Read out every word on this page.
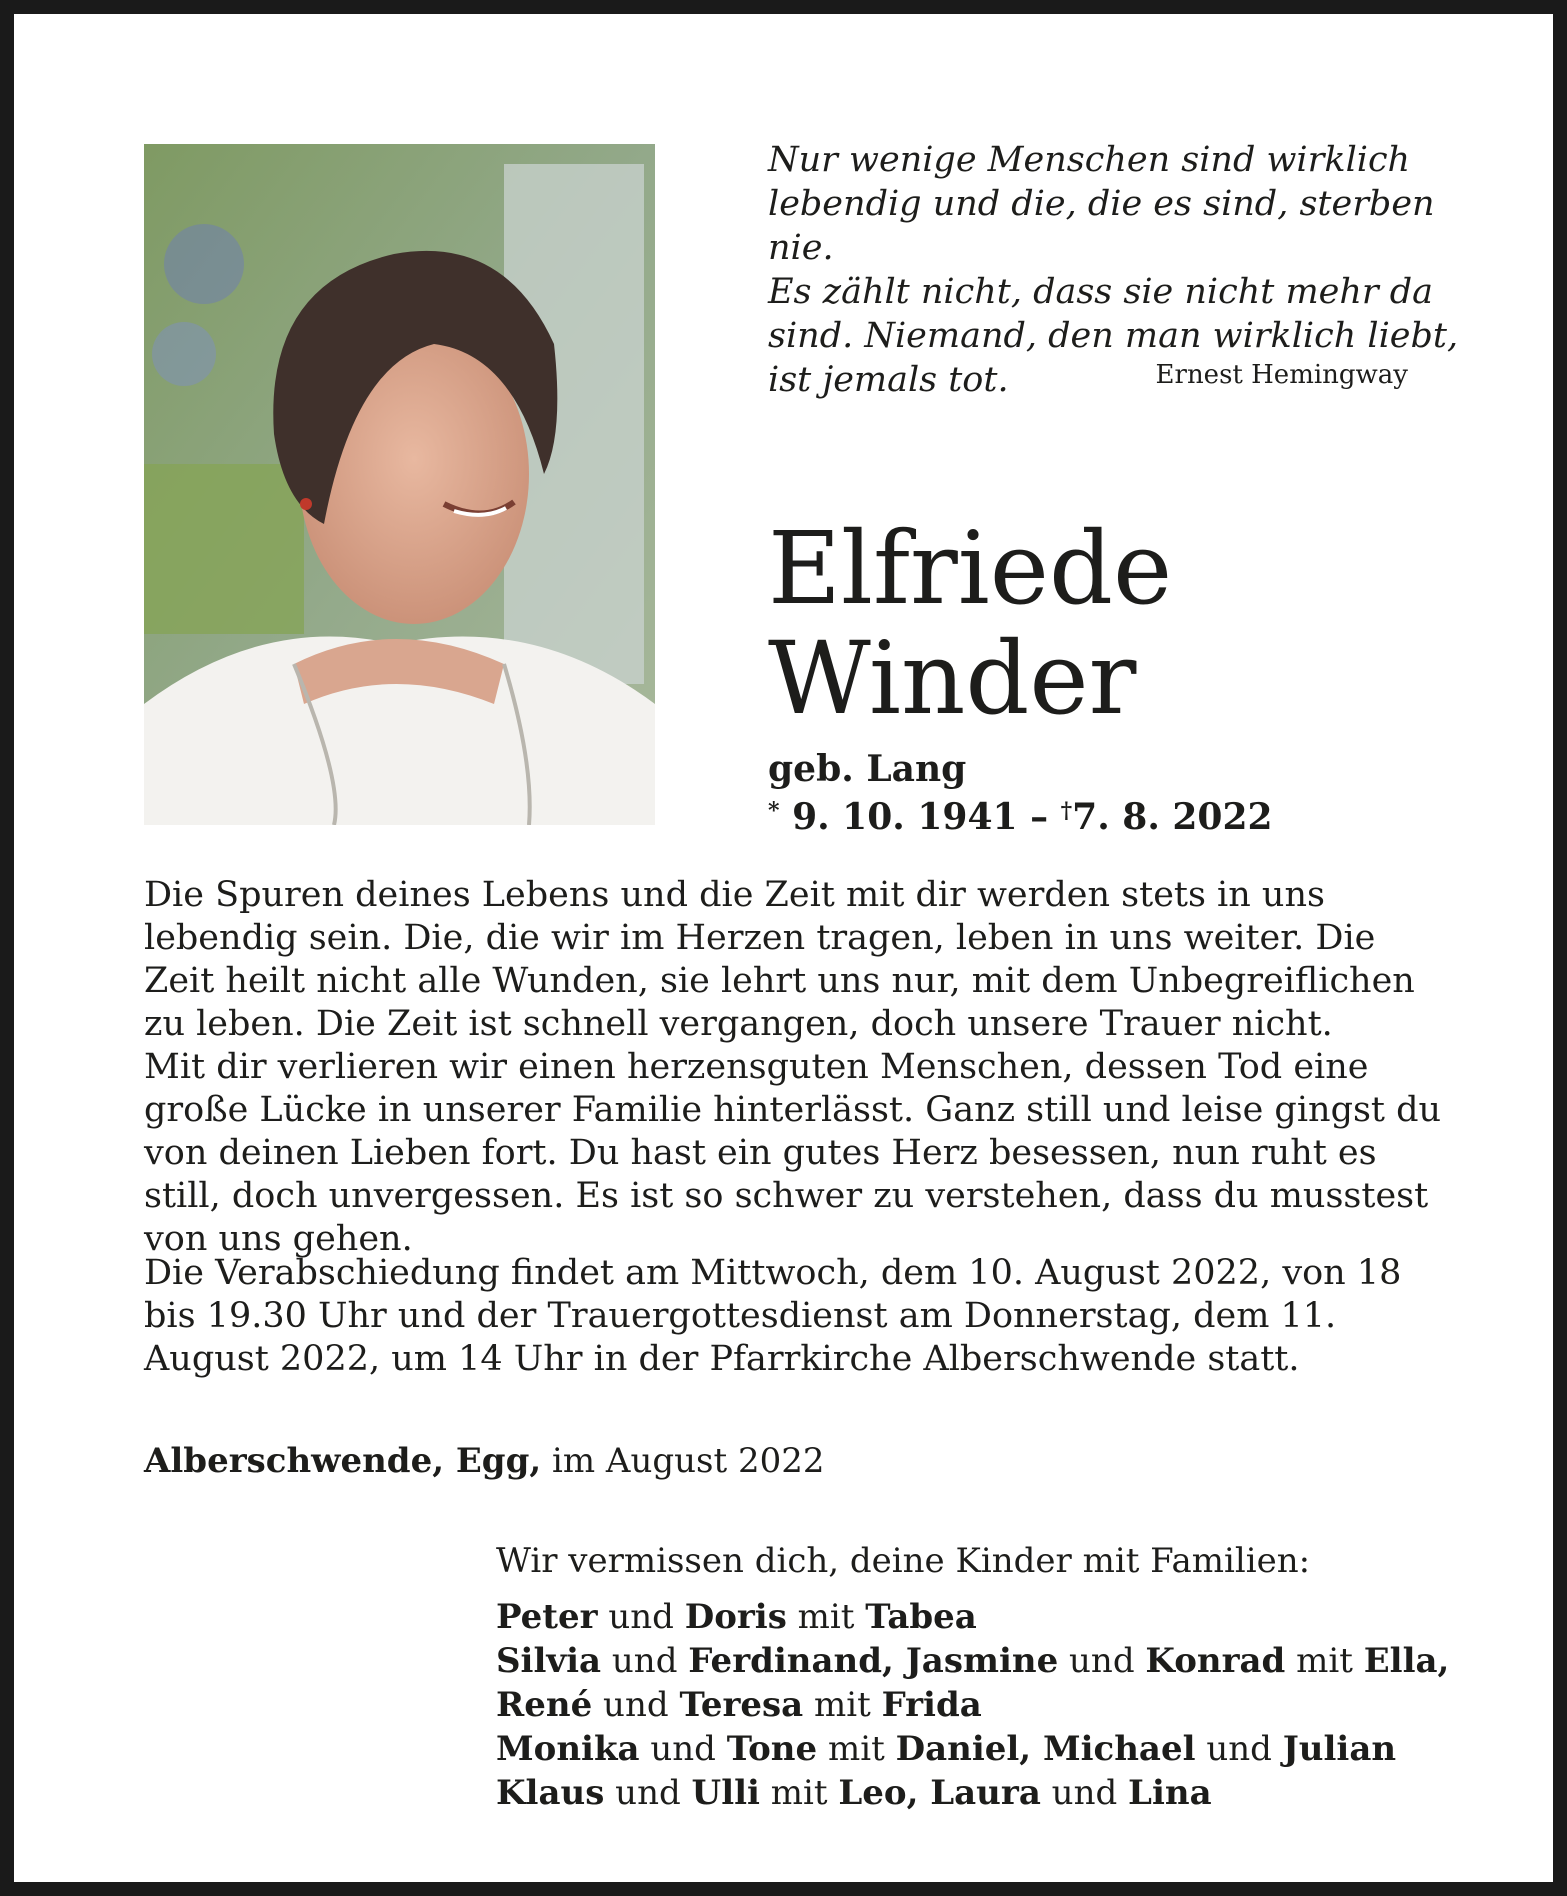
Nur wenige Menschen sind wirklich
lebendig und die, die es sind, sterben nie.
Es zählt nicht, dass sie nicht mehr da
sind. Niemand, den man wirklich liebt,
ist jemals tot.	Ernest Hemingway
Elfriede
Winder
geb. Lang
* 9. 10. 1941 – †7. 8. 2022

Die Spuren deines Lebens und die Zeit mit dir werden stets in uns lebendig sein. Die, die wir im Herzen tragen, leben in uns weiter. Die Zeit heilt nicht alle Wunden, sie lehrt uns nur, mit dem Unbegreiflichen zu leben. Die Zeit ist schnell vergangen, doch unsere Trauer nicht.

Mit dir verlieren wir einen herzensguten Menschen, dessen Tod eine große Lücke in unserer Familie hinterlässt. Ganz still und leise gingst du von deinen Lieben fort. Du hast ein gutes Herz besessen, nun ruht es still, doch unvergessen. Es ist so schwer zu verstehen, dass du musstest von uns gehen.

Die Verabschiedung findet am Mittwoch, dem 10. August 2022, von 18 bis 19.30 Uhr und der Trauergottesdienst am Donnerstag, dem 11. August 2022, um 14 Uhr in der Pfarrkirche Alberschwende statt.
Alberschwende, Egg, im August 2022
Wir vermissen dich, deine Kinder mit Familien:
Peter und Doris mit Tabea
Silvia und Ferdinand, Jasmine und Konrad mit Ella,
René und Teresa mit Frida
Monika und Tone mit Daniel, Michael und Julian
Klaus und Ulli mit Leo, Laura und Lina
